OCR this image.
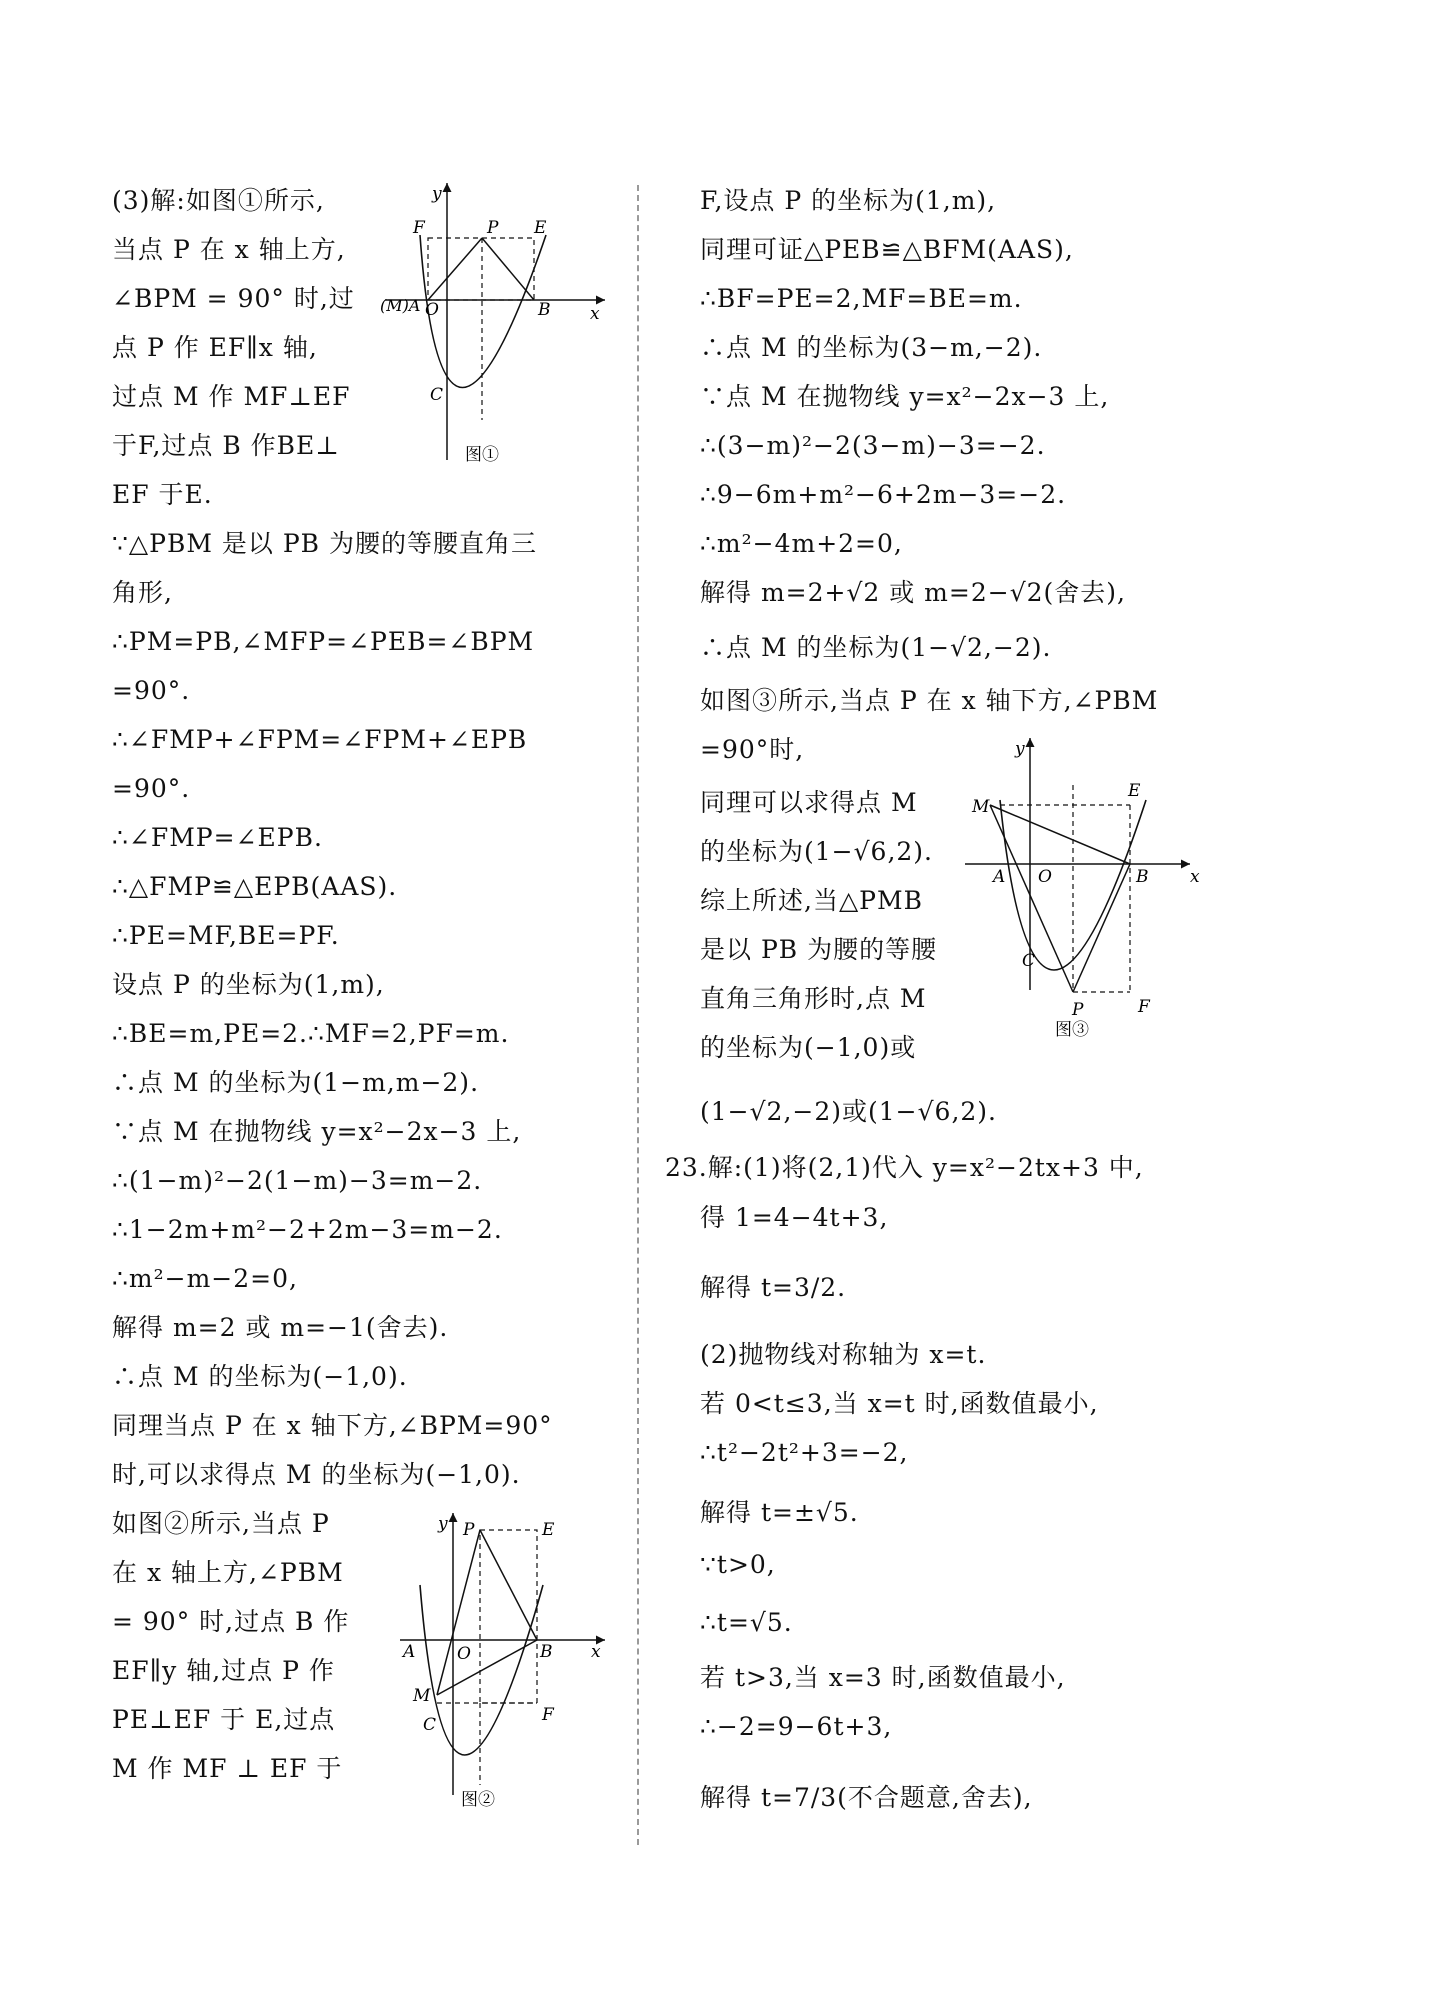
(3)解:如图①所示,
当点 P 在 x 轴上方,
∠BPM = 90° 时,过
点 P 作 EF∥x 轴,
过点 M 作 MF⊥EF
于F,过点 B 作BE⊥
EF 于E.
∵△PBM 是以 PB 为腰的等腰直角三
角形,
∴PM=PB,∠MFP=∠PEB=∠BPM
=90°.
∴∠FMP+∠FPM=∠FPM+∠EPB
=90°.
∴∠FMP=∠EPB.
∴△FMP≌△EPB(AAS).
∴PE=MF,BE=PF.
设点 P 的坐标为(1,m),
∴BE=m,PE=2.∴MF=2,PF=m.
∴点 M 的坐标为(1−m,m−2).
∵点 M 在抛物线 y=x²−2x−3 上,
∴(1−m)²−2(1−m)−3=m−2.
∴1−2m+m²−2+2m−3=m−2.
∴m²−m−2=0,
解得 m=2 或 m=−1(舍去).
∴点 M 的坐标为(−1,0).
同理当点 P 在 x 轴下方,∠BPM=90°
时,可以求得点 M 的坐标为(−1,0).
如图②所示,当点 P
在 x 轴上方,∠PBM
= 90° 时,过点 B 作
EF∥y 轴,过点 P 作
PE⊥EF 于 E,过点
M 作 MF ⊥ EF 于
F,设点 P 的坐标为(1,m),
同理可证△PEB≌△BFM(AAS),
∴BF=PE=2,MF=BE=m.
∴点 M 的坐标为(3−m,−2).
∵点 M 在抛物线 y=x²−2x−3 上,
∴(3−m)²−2(3−m)−3=−2.
∴9−6m+m²−6+2m−3=−2.
∴m²−4m+2=0,
解得 m=2+√2 或 m=2−√2(舍去),
∴点 M 的坐标为(1−√2,−2).
如图③所示,当点 P 在 x 轴下方,∠PBM
=90°时,
同理可以求得点 M
的坐标为(1−√6,2).
综上所述,当△PMB
是以 PB 为腰的等腰
直角三角形时,点 M
的坐标为(−1,0)或
(1−√2,−2)或(1−√6,2).
23.解:(1)将(2,1)代入 y=x²−2tx+3 中,
得 1=4−4t+3,
解得 t=3/2.
(2)抛物线对称轴为 x=t.
若 0<t≤3,当 x=t 时,函数值最小,
∴t²−2t²+3=−2,
解得 t=±√5.
∵t>0,
∴t=√5.
若 t>3,当 x=3 时,函数值最小,
∴−2=9−6t+3,
解得 t=7/3(不合题意,舍去),
y
x
F	P E
(M)A O	B
C
图①
y
x
P	E
A O	B
M
F
C
图②
y
x
M
E
A O	B
C
P	F
图③
